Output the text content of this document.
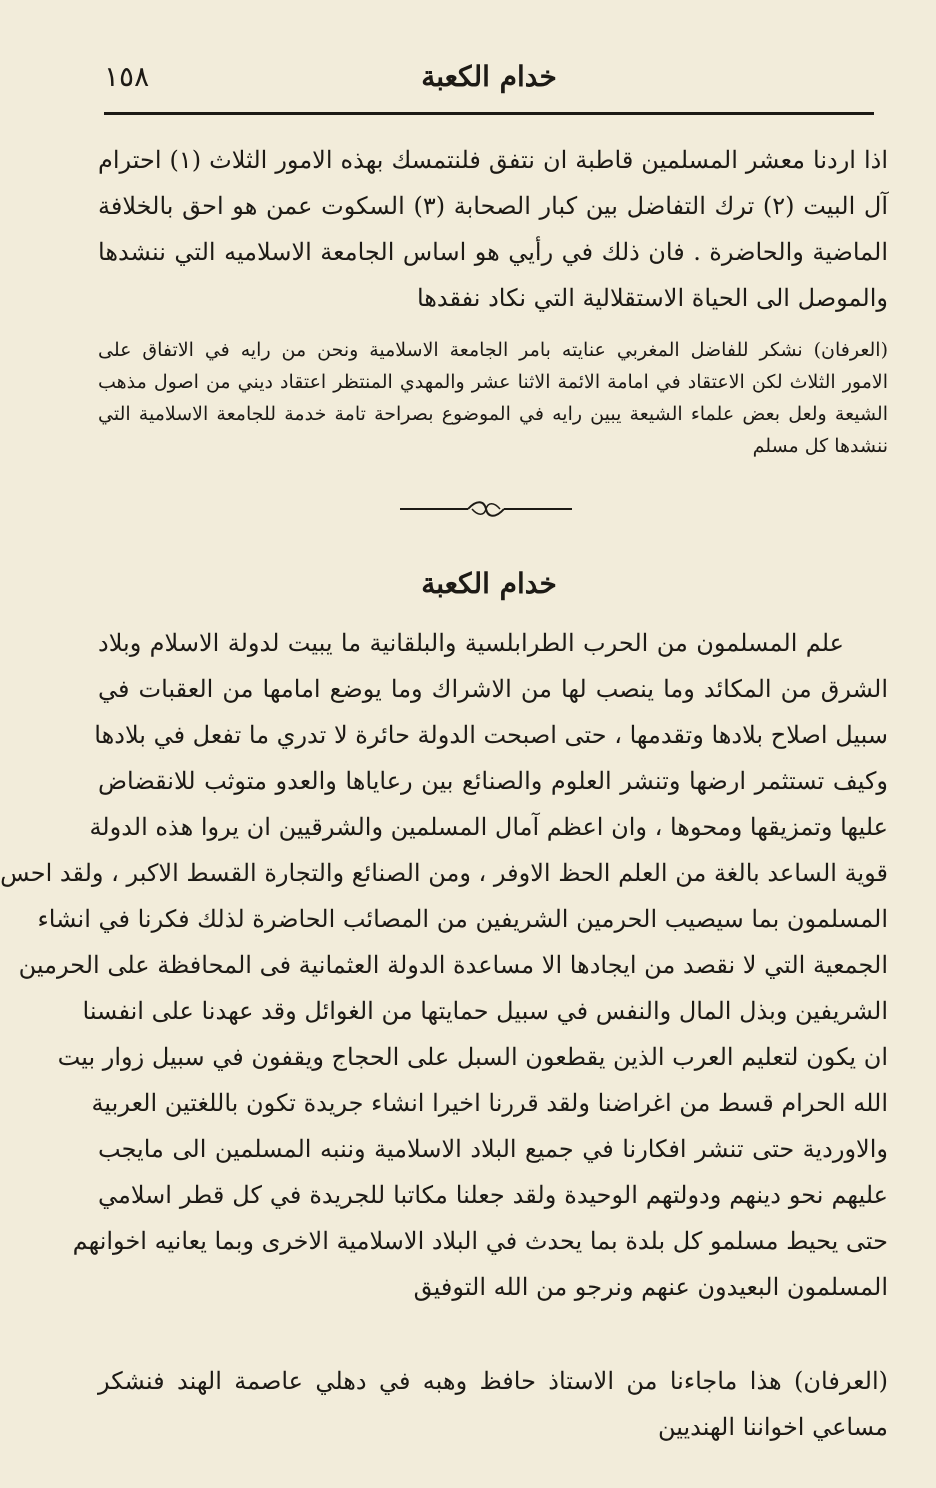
خدام الكعبة
١٥٨
اذا اردنا معشر المسلمين قاطبة ان نتفق فلنتمسك بهذه الامور الثلاث (١) احترام
آل البيت (٢) ترك التفاضل بين كبار الصحابة (٣) السكوت عمن هو احق بالخلافة
الماضية والحاضرة . فان ذلك في رأيي هو اساس الجامعة الاسلاميه التي ننشدها
والموصل الى الحياة الاستقلالية التي نكاد نفقدها
(العرفان) نشكر للفاضل المغربي عنايته بامر الجامعة الاسلامية ونحن من رايه في الاتفاق على
الامور الثلاث لكن الاعتقاد في امامة الائمة الاثنا عشر والمهدي المنتظر اعتقاد ديني من اصول مذهب
الشيعة ولعل بعض علماء الشيعة يبين رايه في الموضوع بصراحة تامة خدمة للجامعة الاسلامية التي
ننشدها كل مسلم
خدام الكعبة
علم المسلمون من الحرب الطرابلسية والبلقانية ما يبيت لدولة الاسلام وبلاد
الشرق من المكائد وما ينصب لها من الاشراك وما يوضع امامها من العقبات في
سبيل اصلاح بلادها وتقدمها ، حتى اصبحت الدولة حائرة لا تدري ما تفعل في بلادها
وكيف تستثمر ارضها وتنشر العلوم والصنائع بين رعاياها والعدو متوثب للانقضاض
عليها وتمزيقها ومحوها ، وان اعظم آمال المسلمين والشرقيين ان يروا هذه الدولة
قوية الساعد بالغة من العلم الحظ الاوفر ، ومن الصنائع والتجارة القسط الاكبر ، ولقد احس
المسلمون بما سيصيب الحرمين الشريفين من المصائب الحاضرة لذلك فكرنا في انشاء
الجمعية التي لا نقصد من ايجادها الا مساعدة الدولة العثمانية فى المحافظة على الحرمين
الشريفين وبذل المال والنفس في سبيل حمايتها من الغوائل وقد عهدنا على انفسنا
ان يكون لتعليم العرب الذين يقطعون السبل على الحجاج ويقفون في سبيل زوار بيت
الله الحرام قسط من اغراضنا ولقد قررنا اخيرا انشاء جريدة تكون باللغتين العربية
والاوردية حتى تنشر افكارنا في جميع البلاد الاسلامية وننبه المسلمين الى مايجب
عليهم نحو دينهم ودولتهم الوحيدة ولقد جعلنا مكاتبا للجريدة في كل قطر اسلامي
حتى يحيط مسلمو كل بلدة بما يحدث في البلاد الاسلامية الاخرى وبما يعانيه اخوانهم
المسلمون البعيدون عنهم ونرجو من الله التوفيق
(العرفان) هذا ماجاءنا من الاستاذ حافظ وهبه في دهلي عاصمة الهند فنشكر
مساعي اخواننا الهنديين
